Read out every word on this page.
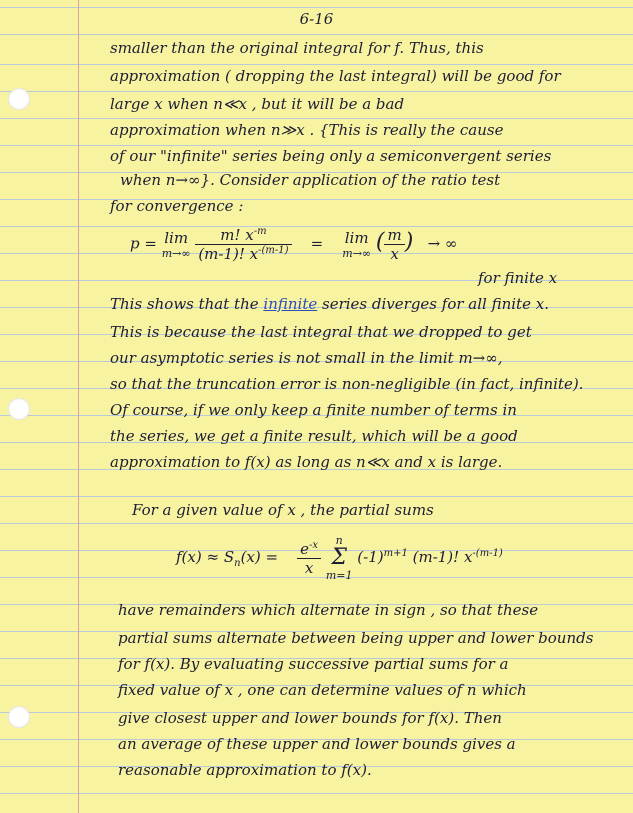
6-16
smaller than the original integral for f. Thus, this
approximation ( dropping the last integral) will be good for
large x when n≪x , but it will be a bad
approximation when n≫x . {This is really the cause
of our "infinite" series being only a semiconvergent series
when n→∞}. Consider application of the ratio test
for convergence :
p = lim
m→∞
$\frac{m! x^{-m}}{(m-1)! x^{-(m-1)}} = \lim$
m→∞ ( $\frac{m}{x}$ ) → ∞
for finite x
This shows that the infinite series diverges for all finite x.
This is because the last integral that we dropped to get
our asymptotic series is not small in the limit m→∞,
so that the truncation error is non-negligible (in fact, infinite).
Of course, if we only keep a finite number of terms in
the series, we get a finite result, which will be a good
approximation to f(x) as long as n≪x and x is large.
For a given value of x , the partial sums
$f(x) \approx S_n(x) = \frac{e^{-x}}{x}$
	n
Σ
m=1
$(-1)^{m+1}$ (m-1)! $x^{-(m-1)}$
have remainders which alternate in sign , so that these
partial sums alternate between being upper and lower bounds
for f(x). By evaluating successive partial sums for a
fixed value of x , one can determine values of n which
give closest upper and lower bounds for f(x). Then
an average of these upper and lower bounds gives a
reasonable approximation to f(x).
